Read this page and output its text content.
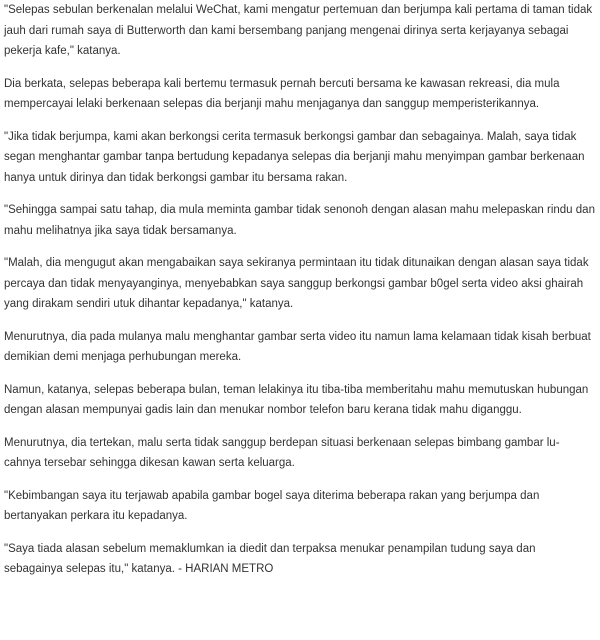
"Selepas sebulan berkenalan melalui WeChat, kami mengatur pertemuan dan berjumpa kali pertama di taman tidak jauh dari rumah saya di Butterworth dan kami bersembang panjang mengenai dirinya serta kerjayanya sebagai pekerja kafe," katanya.

Dia berkata, selepas beberapa kali bertemu termasuk pernah bercuti bersama ke kawasan rekreasi, dia mula mempercayai lelaki berkenaan selepas dia berjanji mahu menjaganya dan sanggup memperisterikannya.

"Jika tidak berjumpa, kami akan berkongsi cerita termasuk berkongsi gambar dan sebagainya. Malah, saya tidak segan menghantar gambar tanpa bertudung kepadanya selepas dia berjanji mahu menyimpan gambar berkenaan hanya untuk dirinya dan tidak berkongsi gambar itu bersama rakan.

"Sehingga sampai satu tahap, dia mula meminta gambar tidak senonoh dengan alasan mahu melepaskan rindu dan mahu melihatnya jika saya tidak bersamanya.

"Malah, dia mengugut akan mengabaikan saya sekiranya permintaan itu tidak ditunaikan dengan alasan saya tidak percaya dan tidak menyayanginya, menyebabkan saya sanggup berkongsi gambar b0gel serta video aksi ghairah yang dirakam sendiri utuk dihantar kepadanya," katanya.

Menurutnya, dia pada mulanya malu menghantar gambar serta video itu namun lama kelamaan tidak kisah berbuat demikian demi menjaga perhubungan mereka.

Namun, katanya, selepas beberapa bulan, teman lelakinya itu tiba-tiba memberitahu mahu memutuskan hubungan dengan alasan mempunyai gadis lain dan menukar nombor telefon baru kerana tidak mahu diganggu.

Menurutnya, dia tertekan, malu serta tidak sanggup berdepan situasi berkenaan selepas bimbang gambar lu-cahnya tersebar sehingga dikesan kawan serta keluarga.

"Kebimbangan saya itu terjawab apabila gambar bogel saya diterima beberapa rakan yang berjumpa dan bertanyakan perkara itu kepadanya.

"Saya tiada alasan sebelum memaklumkan ia diedit dan terpaksa menukar penampilan tudung saya dan sebagainya selepas itu," katanya. - HARIAN METRO
